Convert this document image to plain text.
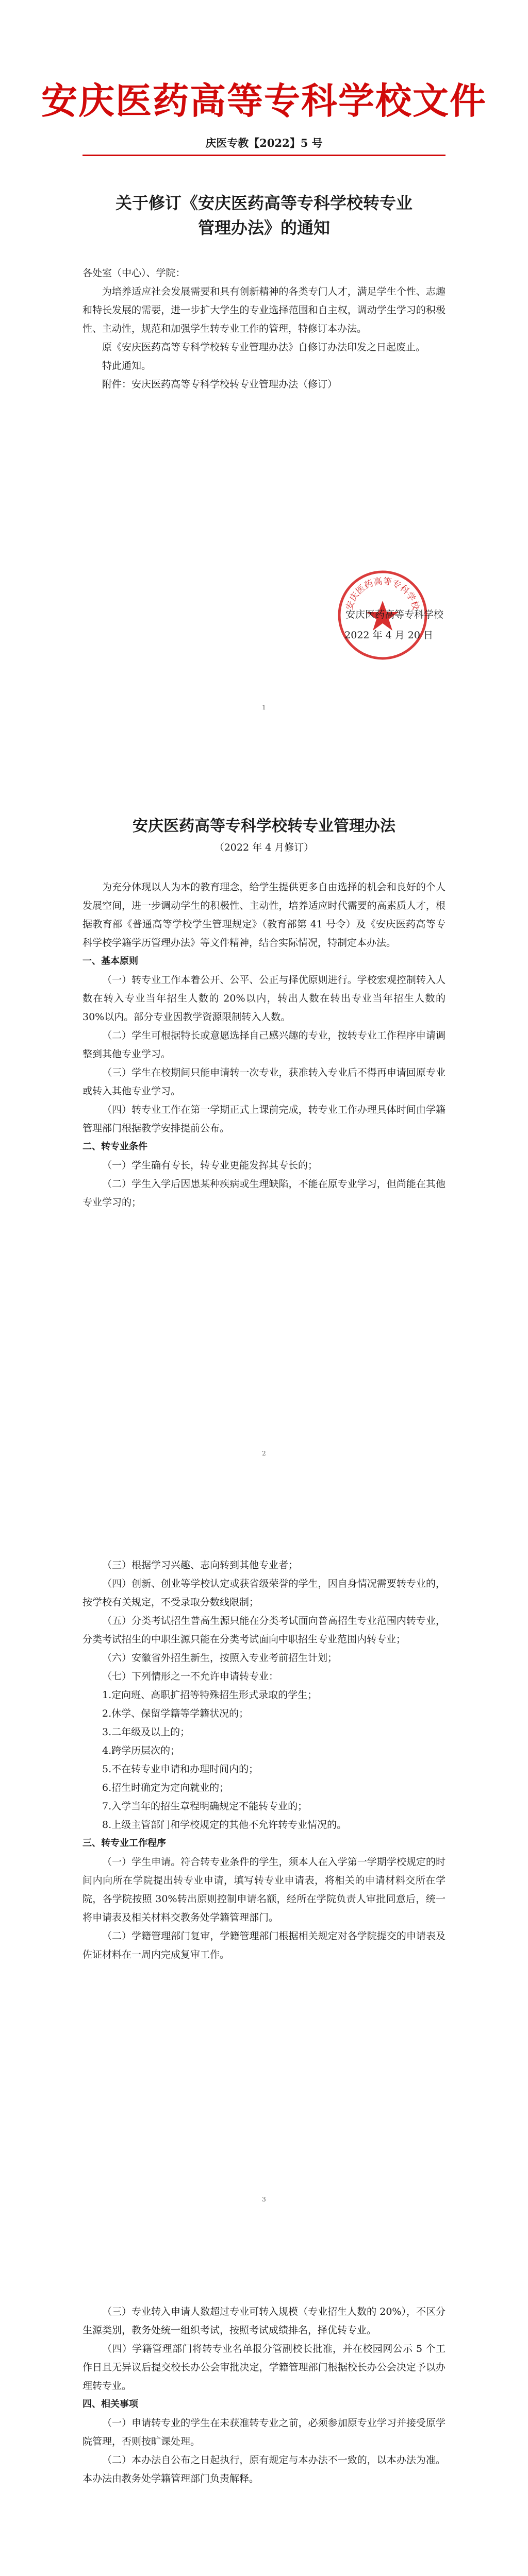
安庆医药高等专科学校文件
庆医专教【2022】5 号
关于修订《安庆医药高等专科学校转专业管理办法》的通知

各处室（中心）、学院：

为培养适应社会发展需要和具有创新精神的各类专门人才，满足学生个性、志趣和特长发展的需要，进一步扩大学生的专业选择范围和自主权，调动学生学习的积极性、主动性，规范和加强学生转专业工作的管理，特修订本办法。

原《安庆医药高等专科学校转专业管理办法》自修订办法印发之日起废止。

特此通知。

附件：安庆医药高等专科学校转专业管理办法（修订）

安庆医药高等专科学校
安庆医药高等专科学校
2022 年 4 月 20 日
1
安庆医药高等专科学校转专业管理办法
（2022 年 4 月修订）

为充分体现以人为本的教育理念，给学生提供更多自由选择的机会和良好的个人发展空间，进一步调动学生的积极性、主动性，培养适应时代需要的高素质人才，根据教育部《普通高等学校学生管理规定》（教育部第 41 号令）及《安庆医药高等专科学校学籍学历管理办法》等文件精神，结合实际情况，特制定本办法。

一、基本原则

（一）转专业工作本着公开、公平、公正与择优原则进行。学校宏观控制转入人数在转入专业当年招生人数的 20%以内，转出人数在转出专业当年招生人数的 30%以内。部分专业因教学资源限制转入人数。

（二）学生可根据特长或意愿选择自己感兴趣的专业，按转专业工作程序申请调整到其他专业学习。

（三）学生在校期间只能申请转一次专业，获准转入专业后不得再申请回原专业或转入其他专业学习。

（四）转专业工作在第一学期正式上课前完成，转专业工作办理具体时间由学籍管理部门根据教学安排提前公布。

二、转专业条件

（一）学生确有专长，转专业更能发挥其专长的；

（二）学生入学后因患某种疾病或生理缺陷，不能在原专业学习，但尚能在其他专业学习的；

2

（三）根据学习兴趣、志向转到其他专业者；

（四）创新、创业等学校认定或获省级荣誉的学生，因自身情况需要转专业的，按学校有关规定，不受录取分数线限制；

（五）分类考试招生普高生源只能在分类考试面向普高招生专业范围内转专业，分类考试招生的中职生源只能在分类考试面向中职招生专业范围内转专业；

（六）安徽省外招生新生，按照入专业考前招生计划；

（七）下列情形之一不允许申请转专业：

1.定向班、高职扩招等特殊招生形式录取的学生；

2.休学、保留学籍等学籍状况的；

3.二年级及以上的；

4.跨学历层次的；

5.不在转专业申请和办理时间内的；

6.招生时确定为定向就业的；

7.入学当年的招生章程明确规定不能转专业的；

8.上级主管部门和学校规定的其他不允许转专业情况的。

三、转专业工作程序

（一）学生申请。符合转专业条件的学生，须本人在入学第一学期学校规定的时间内向所在学院提出转专业申请，填写转专业申请表，将相关的申请材料交所在学院，各学院按照 30%转出原则控制申请名额，经所在学院负责人审批同意后，统一将申请表及相关材料交教务处学籍管理部门。

（二）学籍管理部门复审，学籍管理部门根据相关规定对各学院提交的申请表及佐证材料在一周内完成复审工作。

3

（三）专业转入申请人数超过专业可转入规模（专业招生人数的 20%），不区分生源类别，教务处统一组织考试，按照考试成绩排名，择优转专业。

（四）学籍管理部门将转专业名单报分管副校长批准，并在校园网公示 5 个工作日且无异议后提交校长办公会审批决定，学籍管理部门根据校长办公会决定予以办理转专业。

四、相关事项

（一）申请转专业的学生在未获准转专业之前，必须参加原专业学习并接受原学院管理，否则按旷课处理。

（二）本办法自公布之日起执行，原有规定与本办法不一致的，以本办法为准。本办法由教务处学籍管理部门负责解释。
